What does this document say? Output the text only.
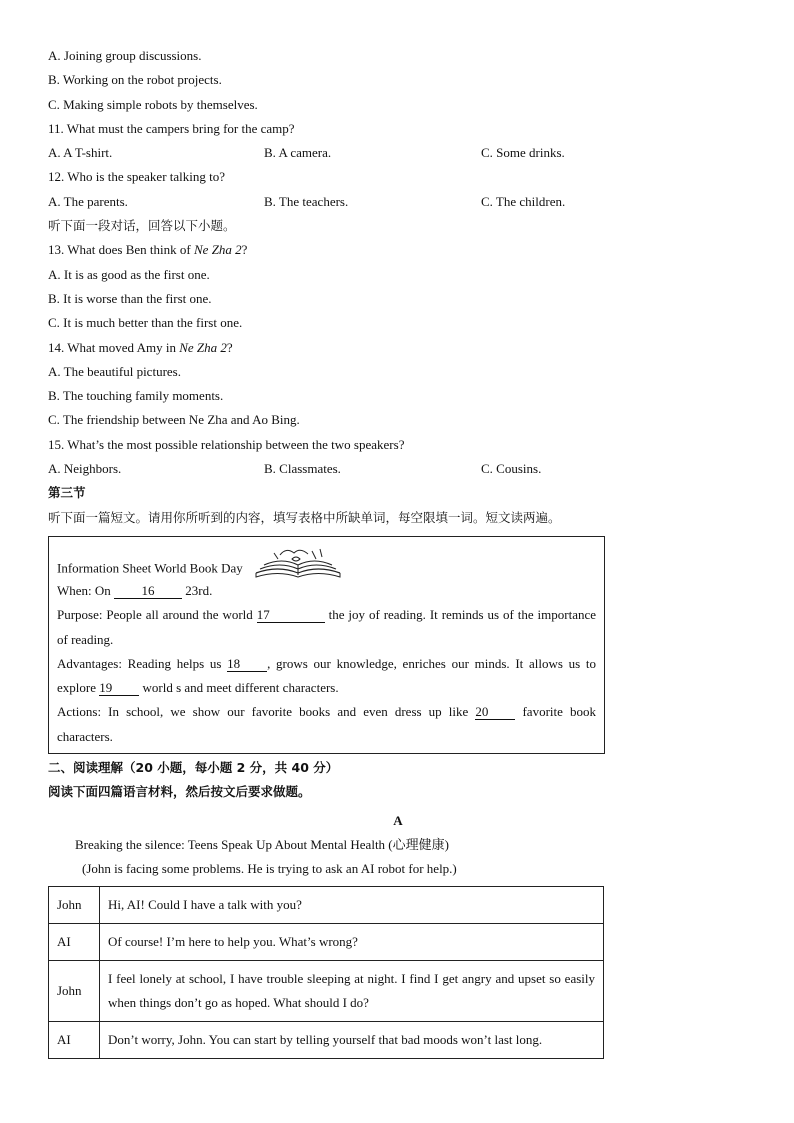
A. Joining group discussions.
B. Working on the robot projects.
C. Making simple robots by themselves.
11. What must the campers bring for the camp?
A. A T-shirt.	B. A camera.	C. Some drinks.
12. Who is the speaker talking to?
A. The parents.	B. The teachers.	C. The children.
听下面一段对话，回答以下小题。
13. What does Ben think of Ne Zha 2?
A. It is as good as the first one.
B. It is worse than the first one.
C. It is much better than the first one.
14. What moved Amy in Ne Zha 2?
A. The beautiful pictures.
B. The touching family moments.
C. The friendship between Ne Zha and Ao Bing.
15. What’s the most possible relationship between the two speakers?
A. Neighbors.	B. Classmates.	C. Cousins.
第三节
听下面一篇短文。请用你所听到的内容，填写表格中所缺单词，每空限填一词。短文读两遍。
Information Sheet World Book Day
When: On 16 23rd.
Purpose: People all around the world 17	the joy of reading. It reminds us of the importance of reading.
Advantages: Reading helps us 18 , grows our knowledge, enriches our minds. It allows us to explore 19 world s and meet different characters.
Actions: In school, we show our favorite books and even dress up like 20 favorite book characters.
二、阅读理解（20 小题，每小题 2 分，共 40 分）
阅读下面四篇语言材料，然后按文后要求做题。
A
Breaking the silence: Teens Speak Up About Mental Health (心理健康)
(John is facing some problems. He is trying to ask an AI robot for help.)
John	Hi, AI! Could I have a talk with you?
AI	Of course! I’m here to help you. What’s wrong?
John	I feel lonely at school, I have trouble sleeping at night. I find I get angry and upset so easily when things don’t go as hoped. What should I do?
AI	Don’t worry, John. You can start by telling yourself that bad moods won’t last long.
